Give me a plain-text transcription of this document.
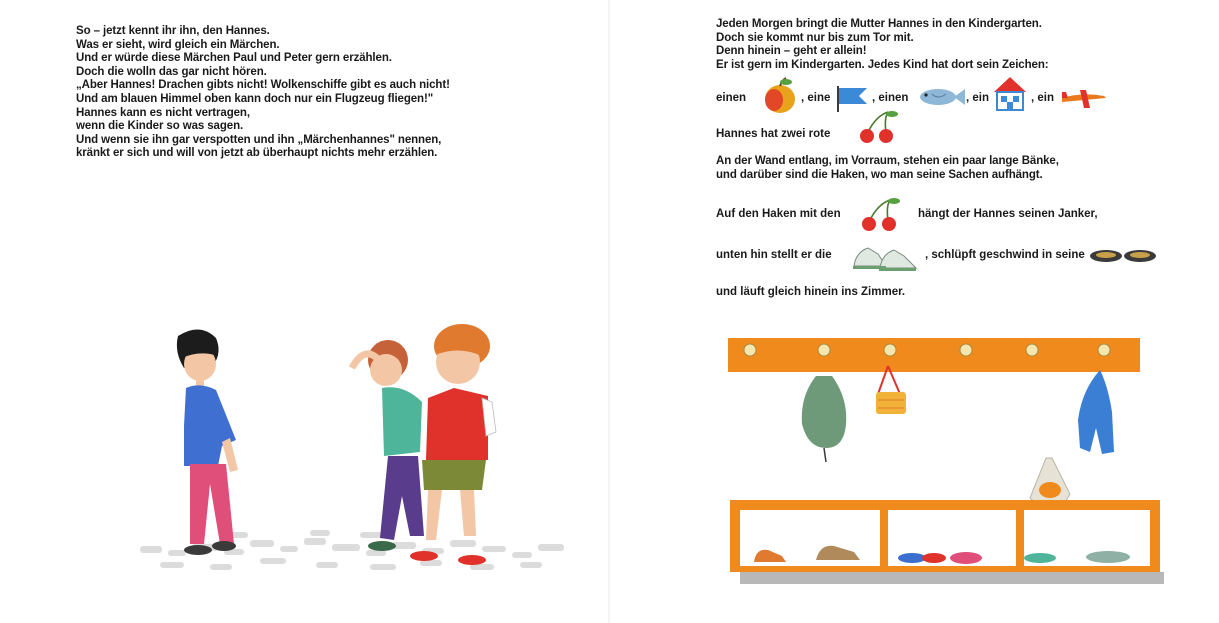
So – jetzt kennt ihr ihn, den Hannes.
Was er sieht, wird gleich ein Märchen.
Und er würde diese Märchen Paul und Peter gern erzählen.
Doch die wolln das gar nicht hören.
„Aber Hannes! Drachen gibts nicht! Wolkenschiffe gibt es auch nicht!
Und am blauen Himmel oben kann doch nur ein Flugzeug fliegen!"
Hannes kann es nicht vertragen,
wenn die Kinder so was sagen.
Und wenn sie ihn gar verspotten und ihn „Märchenhannes" nennen,
kränkt er sich und will von jetzt ab überhaupt nichts mehr erzählen.
Jeden Morgen bringt die Mutter Hannes in den Kindergarten.
Doch sie kommt nur bis zum Tor mit.
Denn hinein – geht er allein!
Er ist gern im Kindergarten. Jedes Kind hat dort sein Zeichen:
einen	, eine	, einen	, ein	, ein
Hannes hat zwei rote
An der Wand entlang, im Vorraum, stehen ein paar lange Bänke,
und darüber sind die Haken, wo man seine Sachen aufhängt.
Auf den Haken mit den	hängt der Hannes seinen Janker,
unten hin stellt er die	, schlüpft geschwind in seine
und läuft gleich hinein ins Zimmer.
